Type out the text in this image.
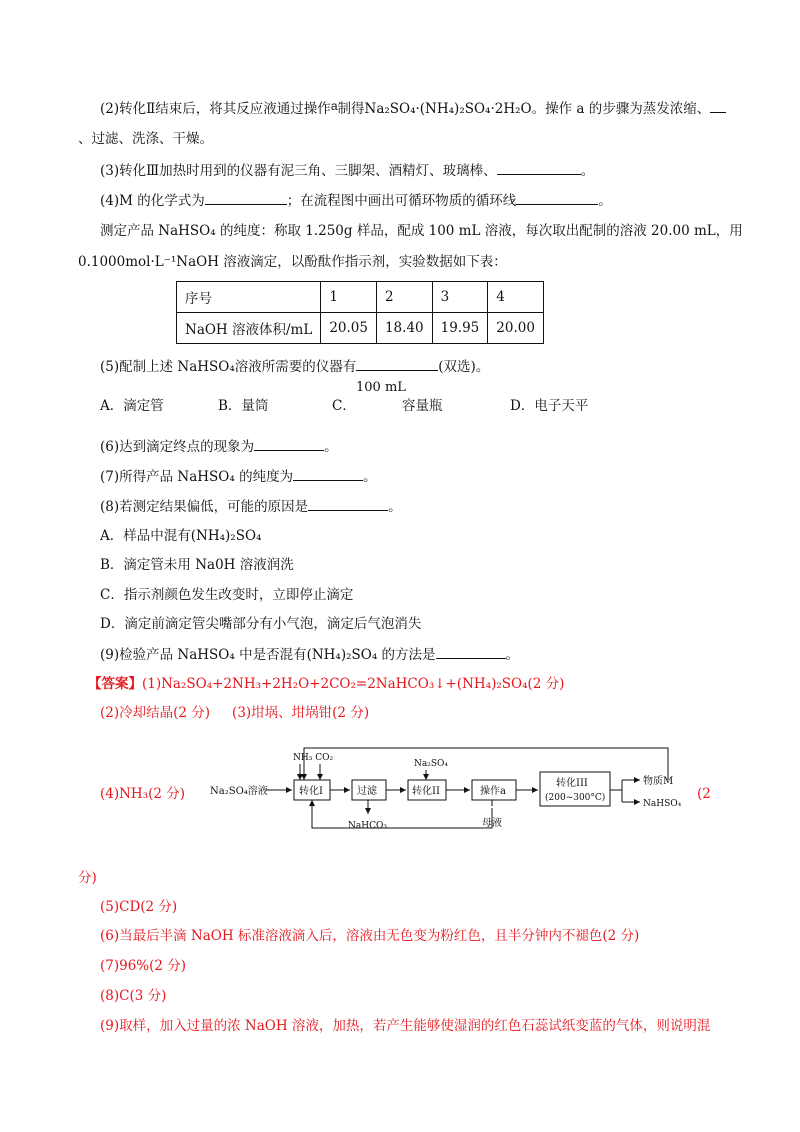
(2)转化Ⅱ结束后，将其反应液通过操作a制得Na₂SO₄·(NH₄)₂SO₄·2H₂O。操作 a 的步骤为蒸发浓缩、
、过滤、洗涤、干燥。
(3)转化Ⅲ加热时用到的仪器有泥三角、三脚架、酒精灯、玻璃棒、	。
(4)M 的化学式为	；在流程图中画出可循环物质的循环线	。
测定产品 NaHSO₄ 的纯度：称取 1.250g 样品，配成 100 mL 溶液，每次取出配制的溶液 20.00 mL，用
0.1000mol·L⁻¹NaOH 溶液滴定，以酚酞作指示剂，实验数据如下表：
序号	1	2	3	4
NaOH 溶液体积/mL	20.05	18.40	19.95	20.00
(5)配制上述 NaHSO₄溶液所需要的仪器有	(双选)。
A．滴定管	B．量筒	C．
100 mL
容量瓶	D．电子天平
(6)达到滴定终点的现象为	。
(7)所得产品 NaHSO₄ 的纯度为	。
(8)若测定结果偏低，可能的原因是	。
A．样品中混有(NH₄)₂SO₄
B．滴定管未用 Na0H 溶液润洗
C．指示剂颜色发生改变时，立即停止滴定
D．滴定前滴定管尖嘴部分有小气泡，滴定后气泡消失
(9)检验产品 NaHSO₄ 中是否混有(NH₄)₂SO₄ 的方法是	。
【答案】(1)Na₂SO₄+2NH₃+2H₂O+2CO₂=2NaHCO₃↓+(NH₄)₂SO₄(2 分)
(2)冷却结晶(2 分) (3)坩埚、坩埚钳(2 分)
(4)NH₃(2 分)	(2
分)
(5)CD(2 分)
(6)当最后半滴 NaOH 标准溶液滴入后，溶液由无色变为粉红色，且半分钟内不褪色(2 分)
(7)96%(2 分)
(8)C(3 分)
(9)取样，加入过量的浓 NaOH 溶液，加热，若产生能够使湿润的红色石蕊试纸变蓝的气体，则说明混
Na₂SO₄溶液
NH₃ CO₂
Na₂SO₄
转化I	过滤	转化II	操作a
转化III
(200~300°C)
NaHCO₃	母液
物质M
NaHSO₄
